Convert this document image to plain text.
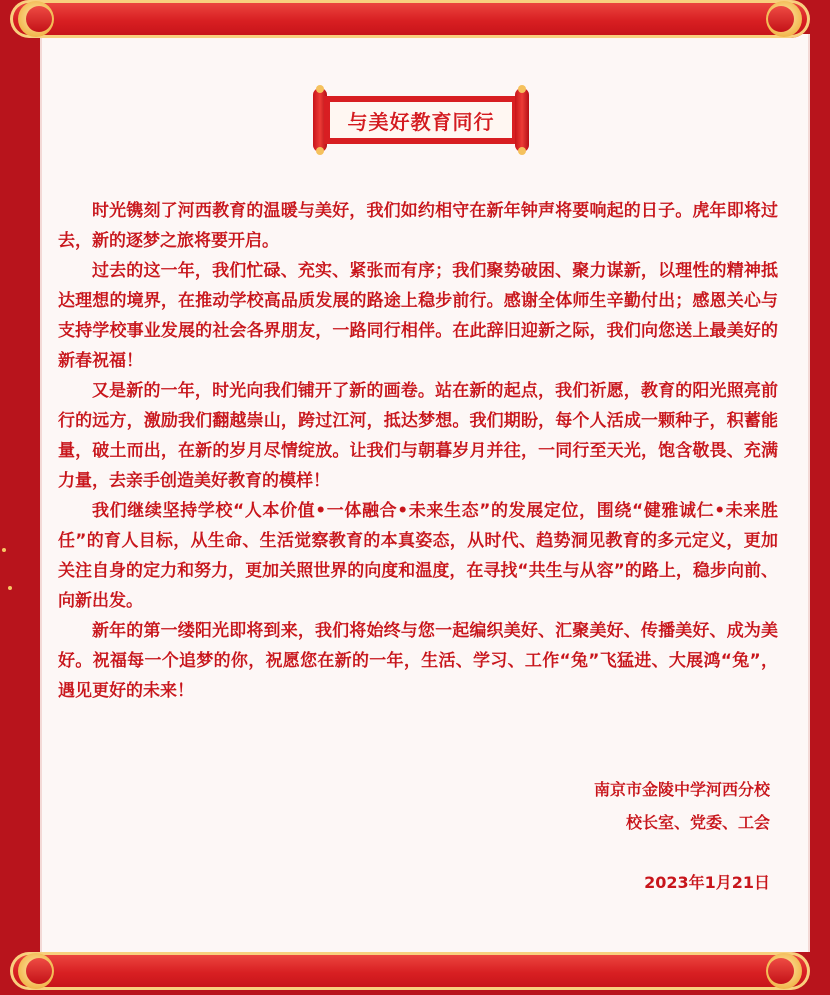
与美好教育同行

时光镌刻了河西教育的温暖与美好，我们如约相守在新年钟声将要响起的日子。虎年即将过去，新的逐梦之旅将要开启。

过去的这一年，我们忙碌、充实、紧张而有序；我们聚势破困、聚力谋新，以理性的精神抵达理想的境界，在推动学校高品质发展的路途上稳步前行。感谢全体师生辛勤付出；感恩关心与支持学校事业发展的社会各界朋友，一路同行相伴。在此辞旧迎新之际，我们向您送上最美好的新春祝福！

又是新的一年，时光向我们铺开了新的画卷。站在新的起点，我们祈愿，教育的阳光照亮前行的远方，激励我们翻越崇山，跨过江河，抵达梦想。我们期盼，每个人活成一颗种子，积蓄能量，破土而出，在新的岁月尽情绽放。让我们与朝暮岁月并往，一同行至天光，饱含敬畏、充满力量，去亲手创造美好教育的模样！

我们继续坚持学校“人本价值•一体融合•未来生态”的发展定位，围绕“健雅诚仁•未来胜任”的育人目标，从生命、生活觉察教育的本真姿态，从时代、趋势洞见教育的多元定义，更加关注自身的定力和努力，更加关照世界的向度和温度，在寻找“共生与从容”的路上，稳步向前、向新出发。

新年的第一缕阳光即将到来，我们将始终与您一起编织美好、汇聚美好、传播美好、成为美好。祝福每一个追梦的你，祝愿您在新的一年，生活、学习、工作“兔”飞猛进、大展鸿“兔”，遇见更好的未来！

南京市金陵中学河西分校
校长室、党委、工会
2023年1月21日
